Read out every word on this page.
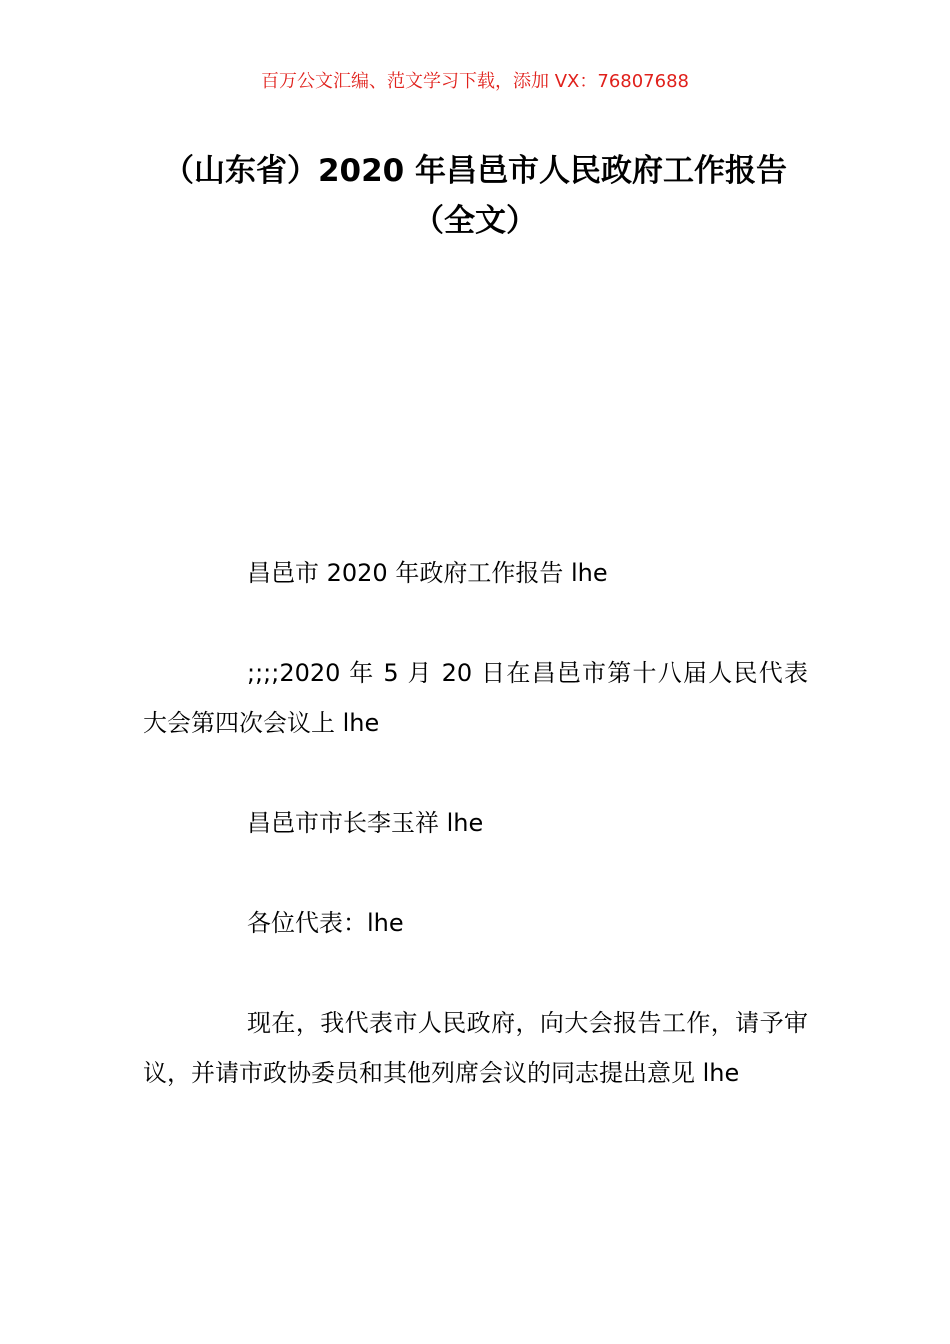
百万公文汇编、范文学习下载，添加 VX：76807688
（山东省）2020 年昌邑市人民政府工作报告（全文）

昌邑市 2020 年政府工作报告 lhe

;;;;2020 年 5 月 20 日在昌邑市第十八届人民代表大会第四次会议上 lhe

昌邑市市长李玉祥 lhe

各位代表：lhe

现在，我代表市人民政府，向大会报告工作，请予审议，并请市政协委员和其他列席会议的同志提出意见 lhe
